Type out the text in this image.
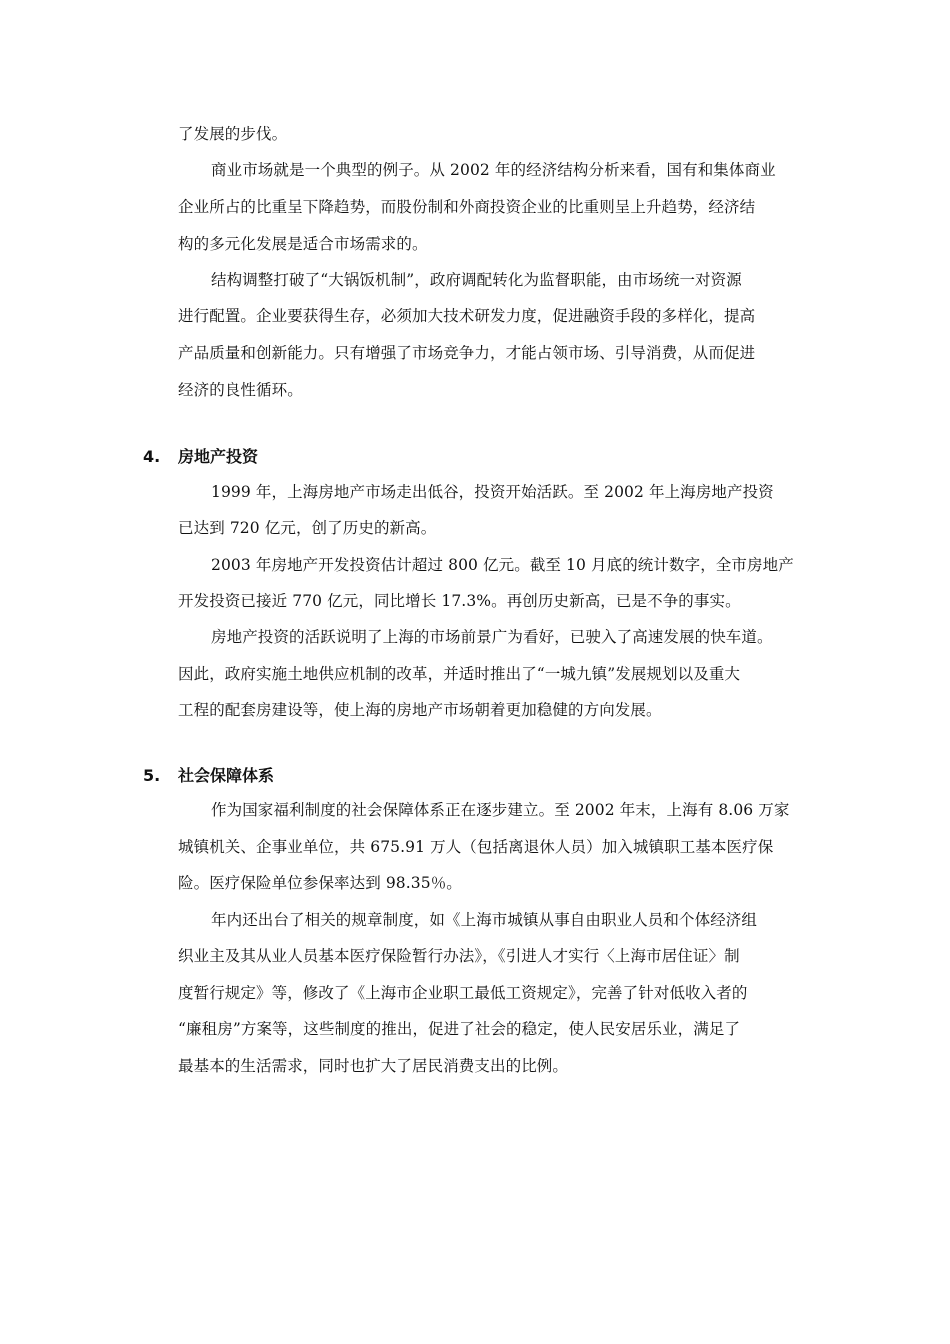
了发展的步伐。
商业市场就是一个典型的例子。从 2002 年的经济结构分析来看，国有和集体商业
企业所占的比重呈下降趋势，而股份制和外商投资企业的比重则呈上升趋势，经济结
构的多元化发展是适合市场需求的。
结构调整打破了“大锅饭机制”，政府调配转化为监督职能，由市场统一对资源
进行配置。企业要获得生存，必须加大技术研发力度，促进融资手段的多样化，提高
产品质量和创新能力。只有增强了市场竞争力，才能占领市场、引导消费，从而促进
经济的良性循环。
4. 房地产投资
1999 年，上海房地产市场走出低谷，投资开始活跃。至 2002 年上海房地产投资
已达到 720 亿元，创了历史的新高。
2003 年房地产开发投资估计超过 800 亿元。截至 10 月底的统计数字，全市房地产
开发投资已接近 770 亿元，同比增长 17.3%。再创历史新高，已是不争的事实。
房地产投资的活跃说明了上海的市场前景广为看好，已驶入了高速发展的快车道。
因此，政府实施土地供应机制的改革，并适时推出了“一城九镇”发展规划以及重大
工程的配套房建设等，使上海的房地产市场朝着更加稳健的方向发展。
5. 社会保障体系
作为国家福利制度的社会保障体系正在逐步建立。至 2002 年末，上海有 8.06 万家
城镇机关、企事业单位，共 675.91 万人（包括离退休人员）加入城镇职工基本医疗保
险。医疗保险单位参保率达到 98.35％。
年内还出台了相关的规章制度，如《上海市城镇从事自由职业人员和个体经济组
织业主及其从业人员基本医疗保险暂行办法》，《引进人才实行〈上海市居住证〉制
度暂行规定》等，修改了《上海市企业职工最低工资规定》，完善了针对低收入者的
“廉租房”方案等，这些制度的推出，促进了社会的稳定，使人民安居乐业，满足了
最基本的生活需求，同时也扩大了居民消费支出的比例。
